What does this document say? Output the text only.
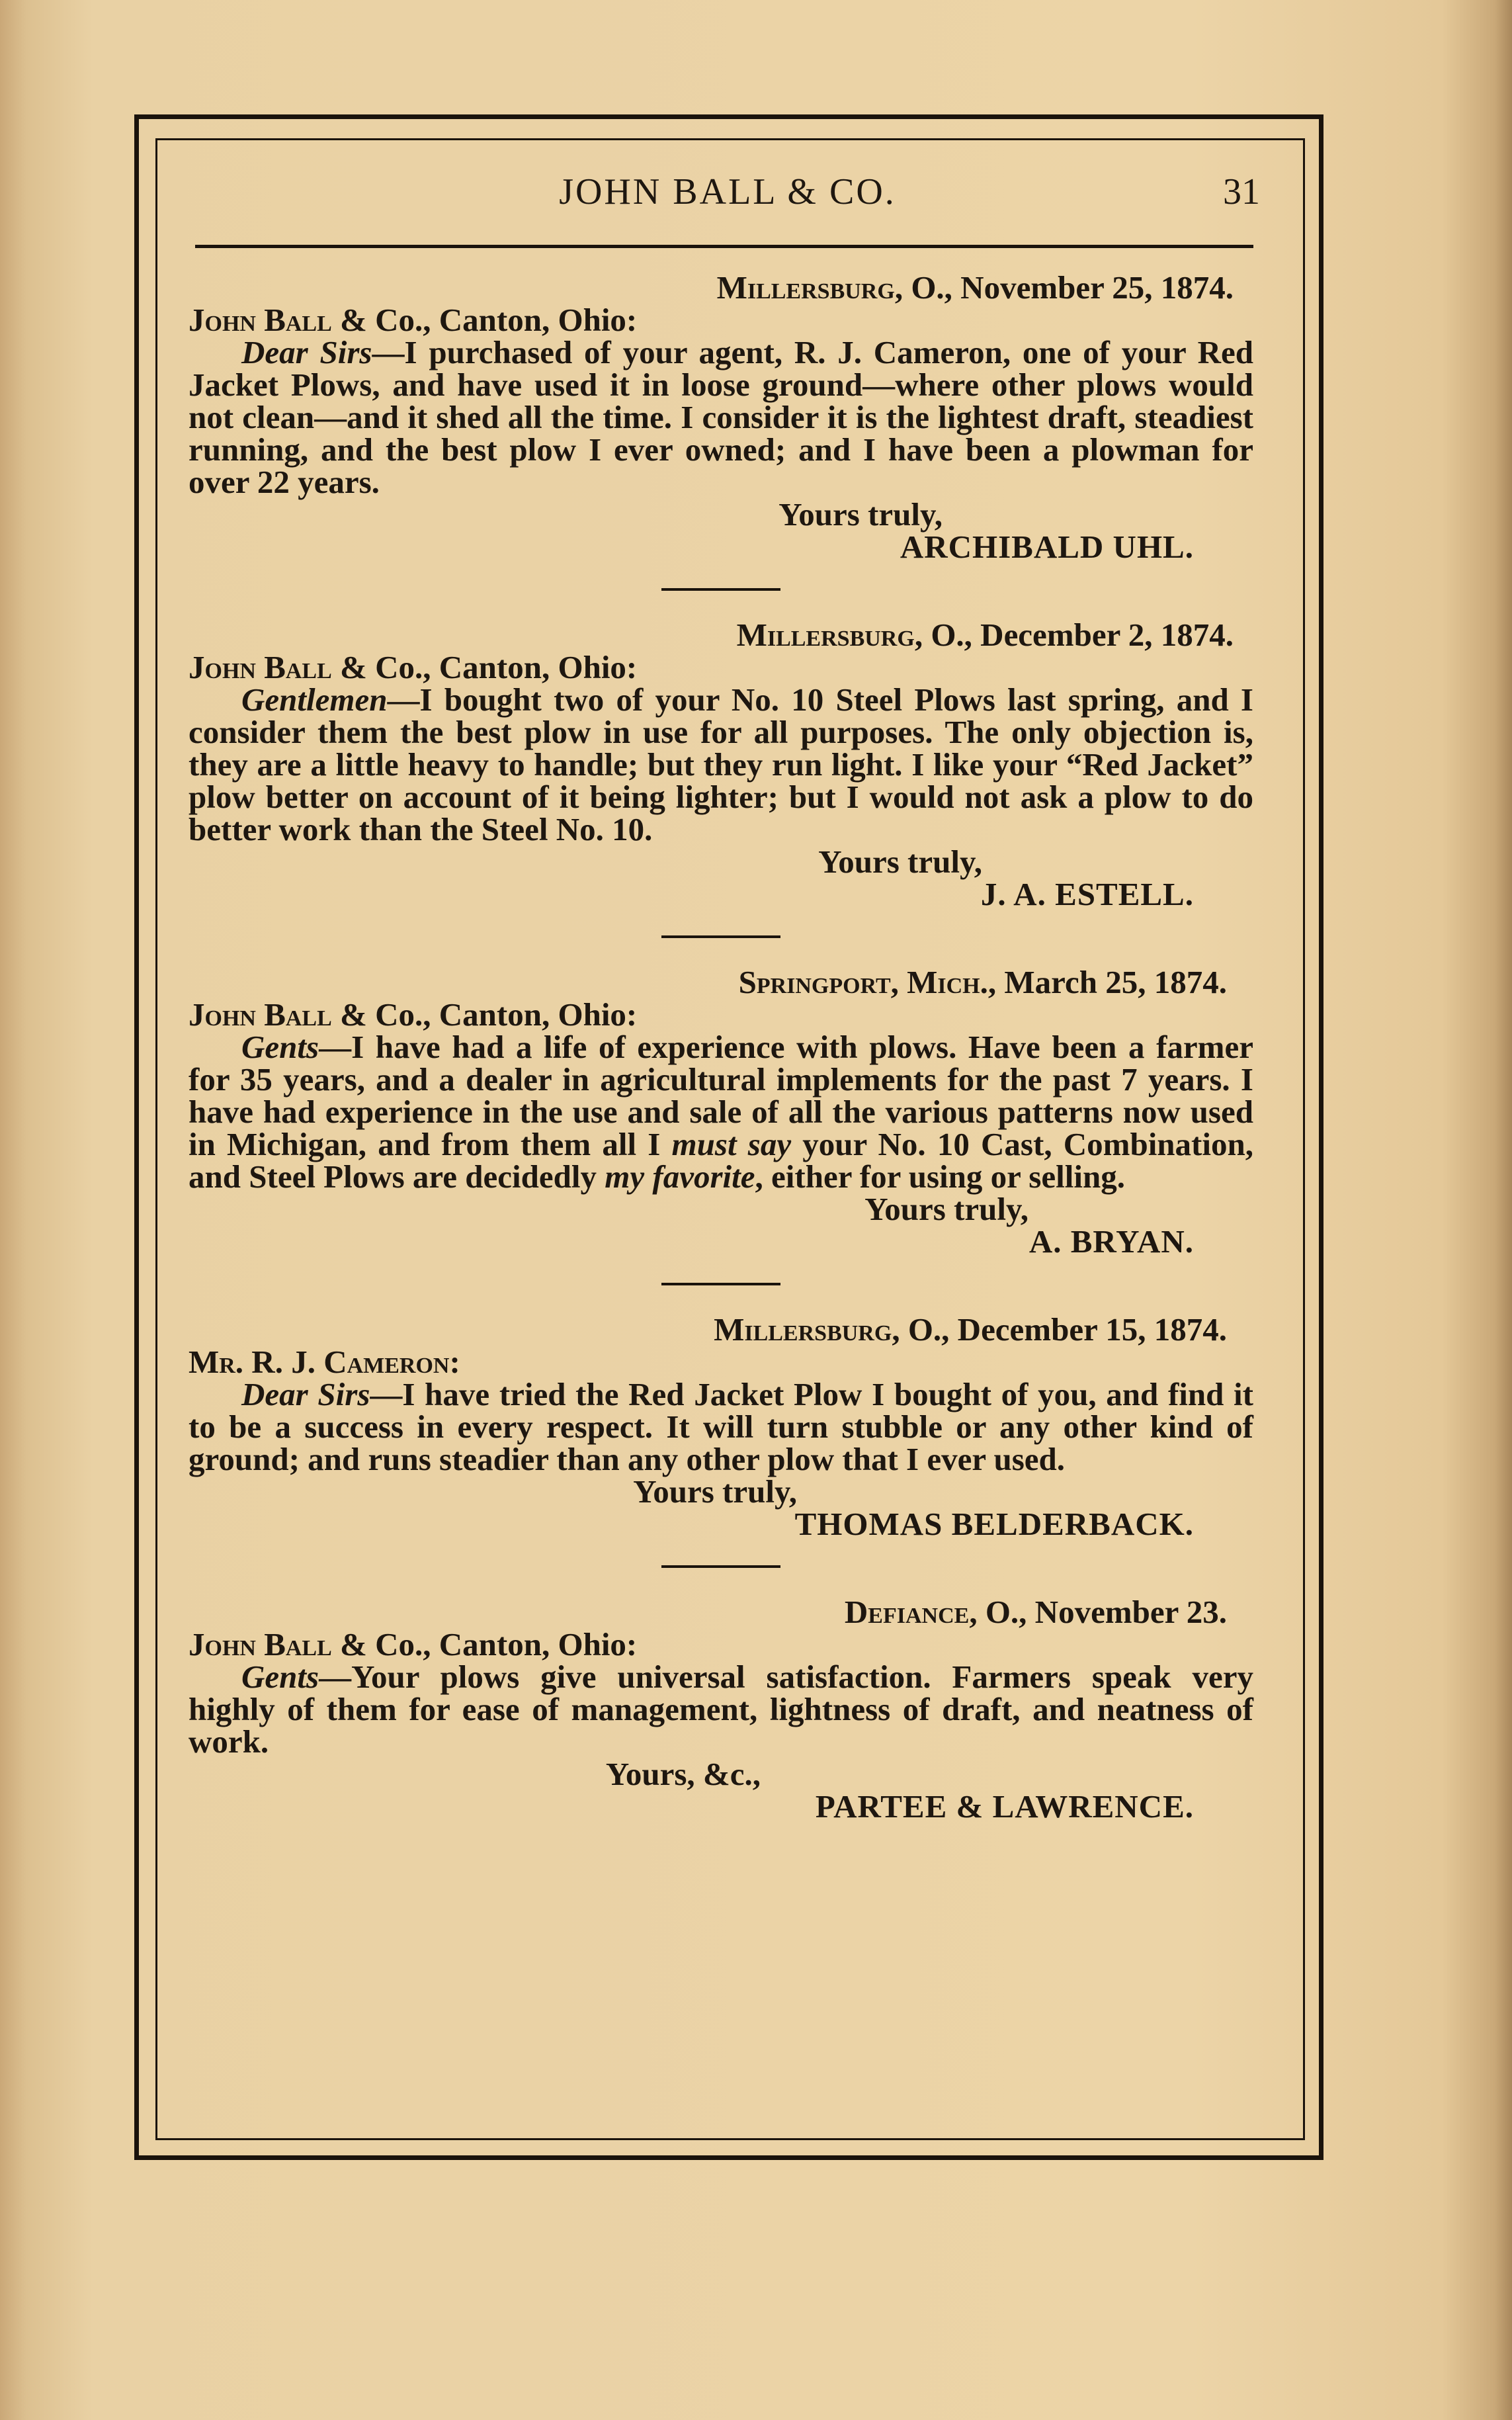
JOHN BALL & CO.	31
Millersburg, O., November 25, 1874.
John Ball & Co., Canton, Ohio:

Dear Sirs—I purchased of your agent, R. J. Cameron, one of your Red Jacket Plows, and have used it in loose ground—where other plows would not clean—and it shed all the time. I consider it is the lightest draft, steadiest running, and the best plow I ever owned; and I have been a plowman for over 22 years.

Yours truly,
ARCHIBALD UHL.
Millersburg, O., December 2, 1874.
John Ball & Co., Canton, Ohio:

Gentlemen—I bought two of your No. 10 Steel Plows last spring, and I consider them the best plow in use for all purposes. The only objection is, they are a little heavy to handle; but they run light. I like your “Red Jacket” plow better on account of it being lighter; but I would not ask a plow to do better work than the Steel No. 10.

Yours truly,
J. A. ESTELL.
Springport, Mich., March 25, 1874.
John Ball & Co., Canton, Ohio:

Gents—I have had a life of experience with plows. Have been a farmer for 35 years, and a dealer in agricultural implements for the past 7 years. I have had experience in the use and sale of all the various patterns now used in Michigan, and from them all I must say your No. 10 Cast, Combination, and Steel Plows are decidedly my favorite, either for using or selling.

Yours truly,
A. BRYAN.
Millersburg, O., December 15, 1874.
Mr. R. J. Cameron:

Dear Sirs—I have tried the Red Jacket Plow I bought of you, and find it to be a success in every respect. It will turn stubble or any other kind of ground; and runs steadier than any other plow that I ever used.

Yours truly,
THOMAS BELDERBACK.
Defiance, O., November 23.
John Ball & Co., Canton, Ohio:

Gents—Your plows give universal satisfaction. Farmers speak very highly of them for ease of management, lightness of draft, and neatness of work.

Yours, &c.,
PARTEE & LAWRENCE.
